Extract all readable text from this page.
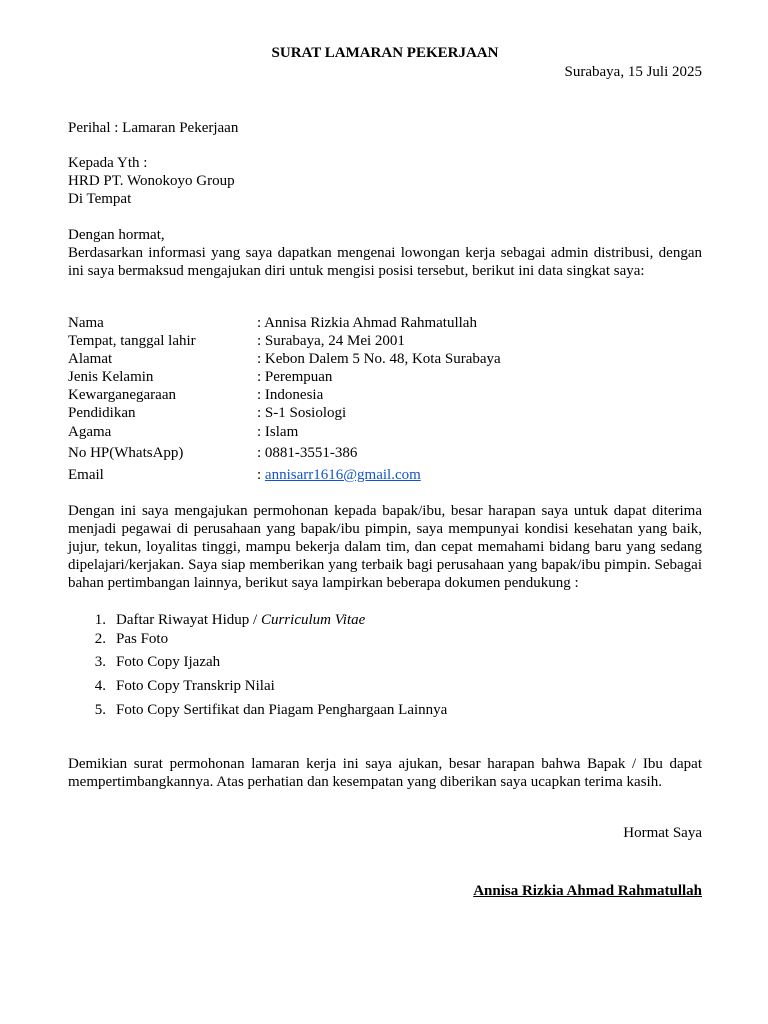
SURAT LAMARAN PEKERJAAN
Surabaya, 15 Juli 2025
Perihal : Lamaran Pekerjaan
Kepada Yth :
HRD PT. Wonokoyo Group
Di Tempat
Dengan hormat,
Berdasarkan informasi yang saya dapatkan mengenai lowongan kerja sebagai admin distribusi, dengan ini saya bermaksud mengajukan diri untuk mengisi posisi tersebut, berikut ini data singkat saya:
Nama	: Annisa Rizkia Ahmad Rahmatullah
Tempat, tanggal lahir	: Surabaya, 24 Mei 2001
Alamat	: Kebon Dalem 5 No. 48, Kota Surabaya
Jenis Kelamin	: Perempuan
Kewarganegaraan	: Indonesia
Pendidikan	: S-1 Sosiologi
Agama	: Islam
No HP(WhatsApp)	: 0881-3551-386
Email	: annisarr1616@gmail.com
Dengan ini saya mengajukan permohonan kepada bapak/ibu, besar harapan saya untuk dapat diterima menjadi pegawai di perusahaan yang bapak/ibu pimpin, saya mempunyai kondisi kesehatan yang baik, jujur, tekun, loyalitas tinggi, mampu bekerja dalam tim, dan cepat memahami bidang baru yang sedang dipelajari/kerjakan. Saya siap memberikan yang terbaik bagi perusahaan yang bapak/ibu pimpin. Sebagai bahan pertimbangan lainnya, berikut saya lampirkan beberapa dokumen pendukung :
1. Daftar Riwayat Hidup / Curriculum Vitae
2. Pas Foto
3. Foto Copy Ijazah
4. Foto Copy Transkrip Nilai
5. Foto Copy Sertifikat dan Piagam Penghargaan Lainnya
Demikian surat permohonan lamaran kerja ini saya ajukan, besar harapan bahwa Bapak / Ibu dapat mempertimbangkannya. Atas perhatian dan kesempatan yang diberikan saya ucapkan terima kasih.
Hormat Saya
Annisa Rizkia Ahmad Rahmatullah
